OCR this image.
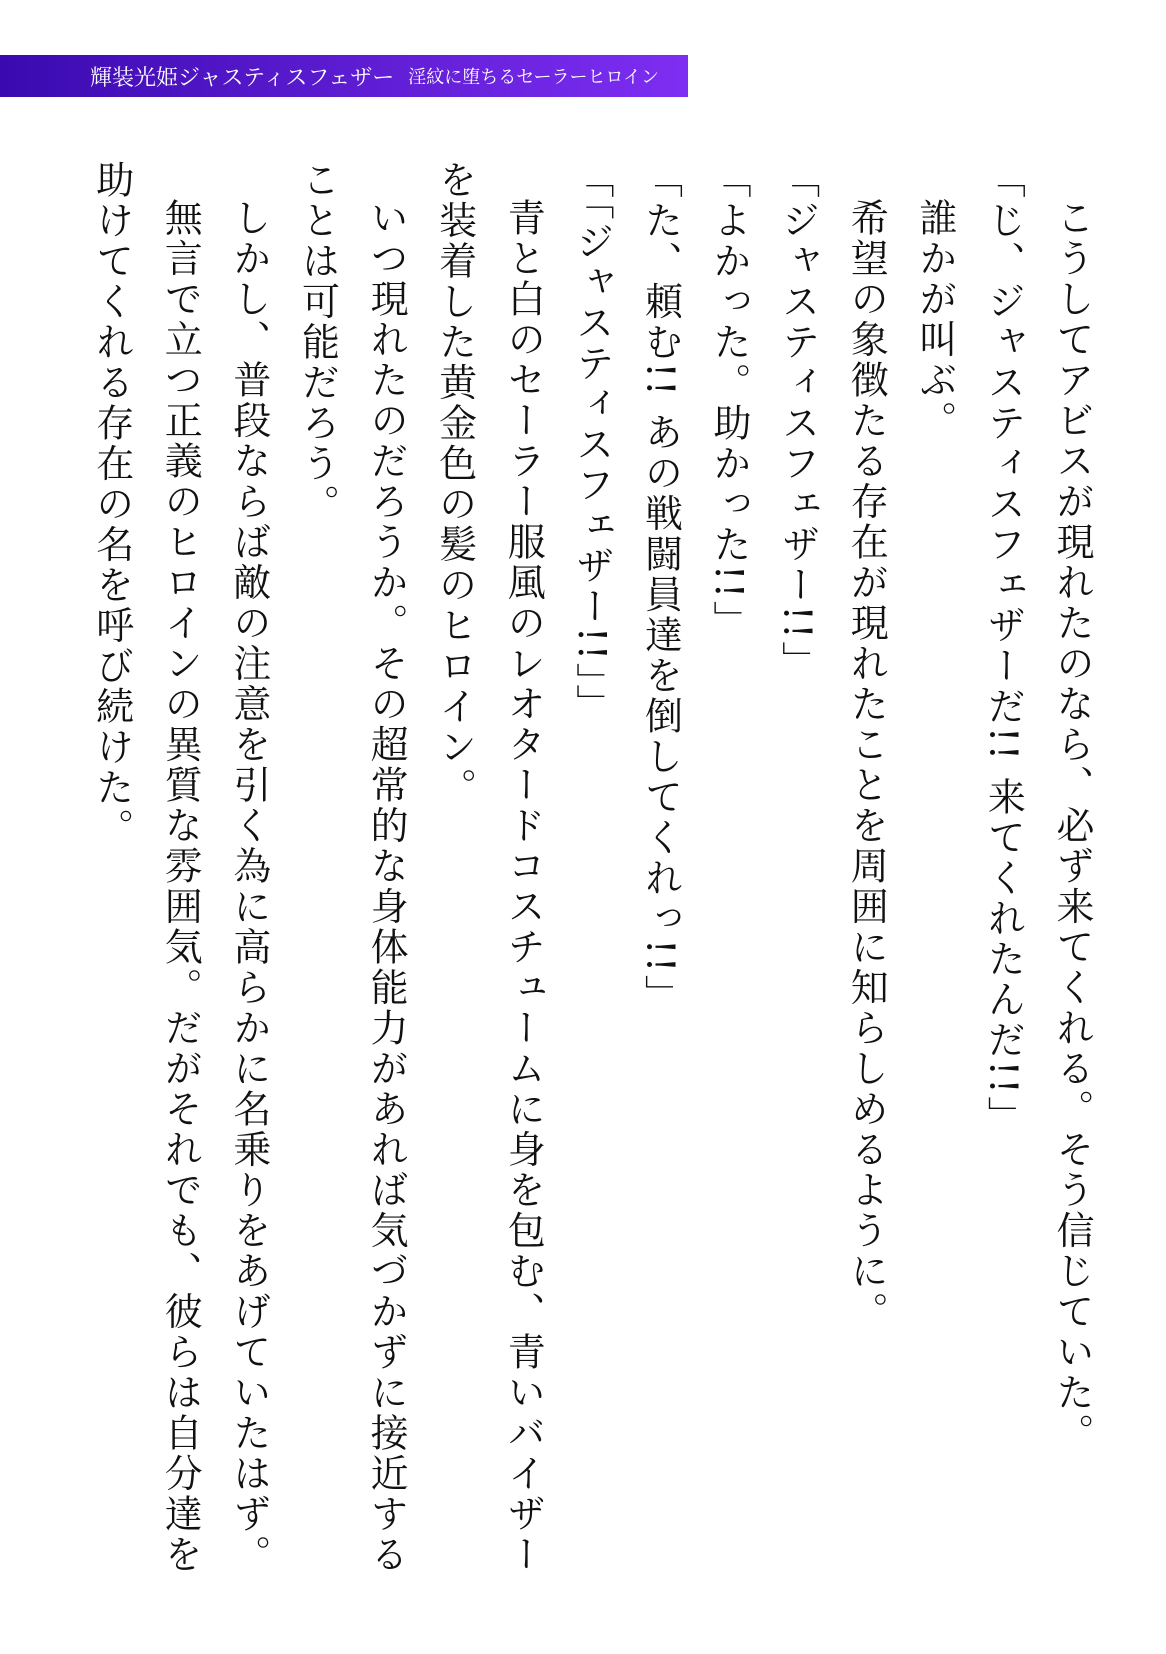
輝装光姫ジャスティスフェザー 淫紋に堕ちるセーラーヒロイン

こうしてアビスが現れたのなら、必ず来てくれる。そう信じていた。

「じ、ジャスティスフェザーだ!! 来てくれたんだ!!」

誰かが叫ぶ。

希望の象徴たる存在が現れたことを周囲に知らしめるように。

「ジャスティスフェザー!!」

「よかった。助かった!!」

「た、頼む!! あの戦闘員達を倒してくれっ!!」

「「ジャスティスフェザー!!」」

青と白のセーラー服風のレオタードコスチュームに身を包む、青いバイザーを装着した黄金色の髪のヒロイン。

いつ現れたのだろうか。その超常的な身体能力があれば気づかずに接近することは可能だろう。

しかし、普段ならば敵の注意を引く為に高らかに名乗りをあげていたはず。

無言で立つ正義のヒロインの異質な雰囲気。だがそれでも、彼らは自分達を助けてくれる存在の名を呼び続けた。
